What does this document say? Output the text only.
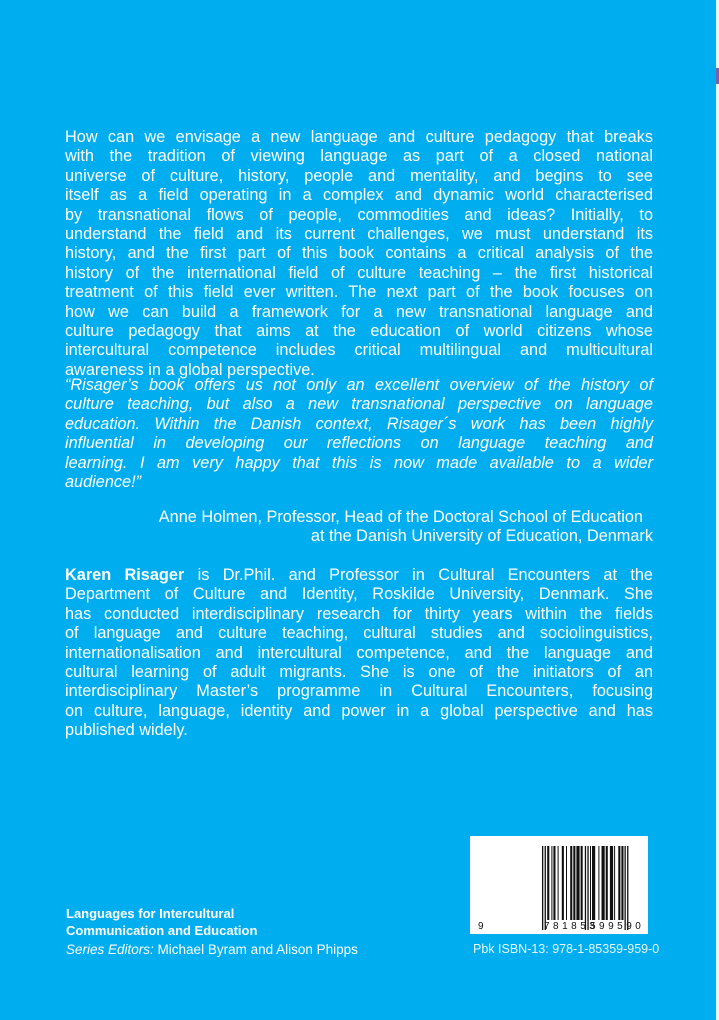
How can we envisage a new language and culture pedagogy that breaks
with the tradition of viewing language as part of a closed national
universe of culture, history, people and mentality, and begins to see
itself as a field operating in a complex and dynamic world characterised
by transnational flows of people, commodities and ideas? Initially, to
understand the field and its current challenges, we must understand its
history, and the first part of this book contains a critical analysis of the
history of the international field of culture teaching – the first historical
treatment of this field ever written. The next part of the book focuses on
how we can build a framework for a new transnational language and
culture pedagogy that aims at the education of world citizens whose
intercultural competence includes critical multilingual and multicultural
awareness in a global perspective.
“Risager’s book offers us not only an excellent overview of the history of
culture teaching, but also a new transnational perspective on language
education. Within the Danish context, Risager´s work has been highly
influential in developing our reflections on language teaching and
learning. I am very happy that this is now made available to a wider
audience!”
Anne Holmen, Professor, Head of the Doctoral School of Education
at the Danish University of Education, Denmark
Karen Risager is Dr.Phil. and Professor in Cultural Encounters at the
Department of Culture and Identity, Roskilde University, Denmark. She
has conducted interdisciplinary research for thirty years within the fields
of language and culture teaching, cultural studies and sociolinguistics,
internationalisation and intercultural competence, and the language and
cultural learning of adult migrants. She is one of the initiators of an
interdisciplinary Master’s programme in Cultural Encounters, focusing
on culture, language, identity and power in a global perspective and has
published widely.
Languages for Intercultural
Communication and Education
Series Editors: Michael Byram and Alison Phipps
9	781853
599590
Pbk ISBN-13: 978-1-85359-959-0
